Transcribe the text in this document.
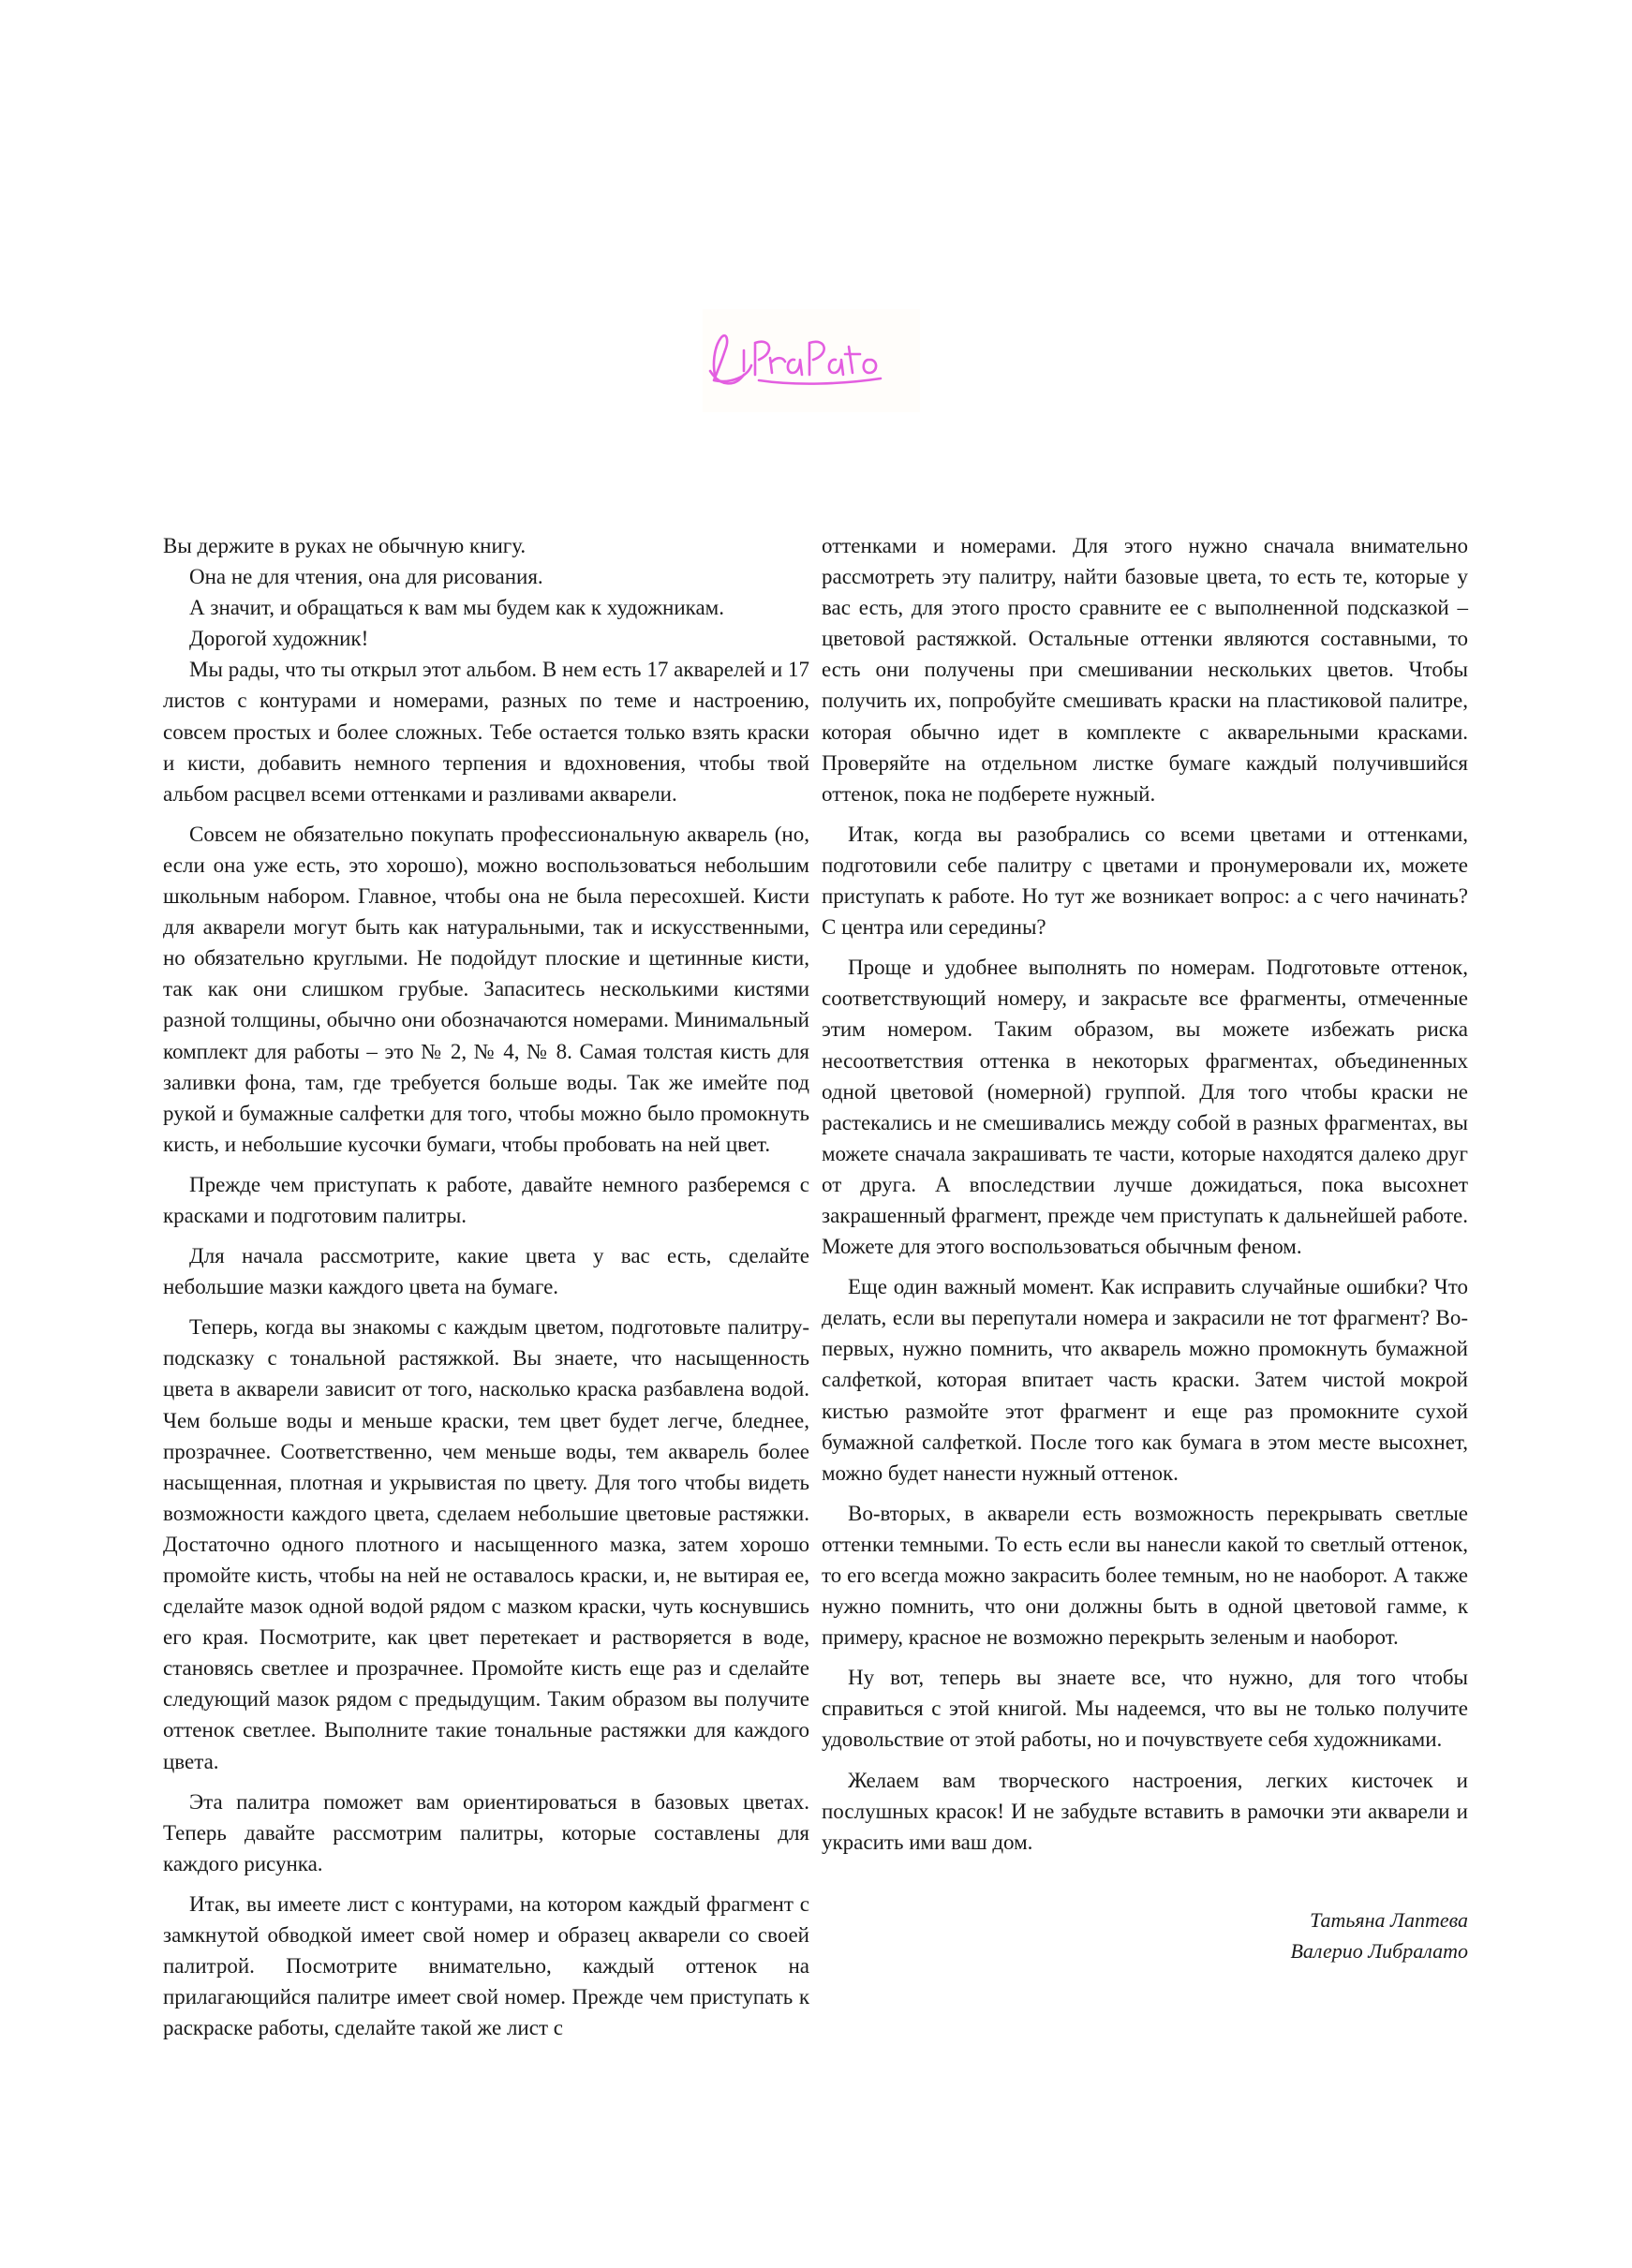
Вы держите в руках не обычную книгу.

Она не для чтения, она для рисования.

А значит, и обращаться к вам мы будем как к художникам.

Дорогой художник!

Мы рады, что ты открыл этот альбом. В нем есть 17 акварелей и 17 листов с контурами и номерами, разных по теме и настроению, совсем простых и более сложных. Тебе остается только взять краски и кисти, добавить немного терпения и вдохновения, чтобы твой альбом расцвел всеми оттенками и разливами акварели.

Совсем не обязательно покупать профессиональную акварель (но, если она уже есть, это хорошо), можно воспользоваться небольшим школьным набором. Главное, чтобы она не была пересохшей. Кисти для акварели могут быть как натуральными, так и искусственными, но обязательно круглыми. Не подойдут плоские и щетинные кисти, так как они слишком грубые. Запаситесь несколькими кистями разной толщины, обычно они обозначаются номерами. Минимальный комплект для работы – это № 2, № 4, № 8. Самая толстая кисть для заливки фона, там, где требуется больше воды. Так же имейте под рукой и бумажные салфетки для того, чтобы можно было промокнуть кисть, и небольшие кусочки бумаги, чтобы пробовать на ней цвет.

Прежде чем приступать к работе, давайте немного разберемся с красками и подготовим палитры.

Для начала рассмотрите, какие цвета у вас есть, сделайте небольшие мазки каждого цвета на бумаге.

Теперь, когда вы знакомы с каждым цветом, подготовьте палитру-подсказку с тональной растяжкой. Вы знаете, что насыщенность цвета в акварели зависит от того, насколько краска разбавлена водой. Чем больше воды и меньше краски, тем цвет будет легче, бледнее, прозрачнее. Соответственно, чем меньше воды, тем акварель более насыщенная, плотная и укрывистая по цвету. Для того чтобы видеть возможности каждого цвета, сделаем небольшие цветовые растяжки. Достаточно одного плотного и насыщенного мазка, затем хорошо промойте кисть, чтобы на ней не оставалось краски, и, не вытирая ее, сделайте мазок одной водой рядом с мазком краски, чуть коснувшись его края. Посмотрите, как цвет перетекает и растворяется в воде, становясь светлее и прозрачнее. Промойте кисть еще раз и сделайте следующий мазок рядом с предыдущим. Таким образом вы получите оттенок светлее. Выполните такие тональные растяжки для каждого цвета.

Эта палитра поможет вам ориентироваться в базовых цветах. Теперь давайте рассмотрим палитры, которые составлены для каждого рисунка.

Итак, вы имеете лист с контурами, на котором каждый фрагмент с замкнутой обводкой имеет свой номер и образец акварели со своей палитрой. Посмотрите внимательно, каждый оттенок на прилагающийся палитре имеет свой номер. Прежде чем приступать к раскраске работы, сделайте такой же лист с

оттенками и номерами. Для этого нужно сначала внимательно рассмотреть эту палитру, найти базовые цвета, то есть те, которые у вас есть, для этого просто сравните ее с выполненной подсказкой – цветовой растяжкой. Остальные оттенки являются составными, то есть они получены при смешивании нескольких цветов. Чтобы получить их, попробуйте смешивать краски на пластиковой палитре, которая обычно идет в комплекте с акварельными красками. Проверяйте на отдельном листке бумаге каждый получившийся оттенок, пока не подберете нужный.

Итак, когда вы разобрались со всеми цветами и оттенками, подготовили себе палитру с цветами и пронумеровали их, можете приступать к работе. Но тут же возникает вопрос: а с чего начинать? С центра или середины?

Проще и удобнее выполнять по номерам. Подготовьте оттенок, соответствующий номеру, и закрасьте все фрагменты, отмеченные этим номером. Таким образом, вы можете избежать риска несоответствия оттенка в некоторых фрагментах, объединенных одной цветовой (номерной) группой. Для того чтобы краски не растекались и не смешивались между собой в разных фрагментах, вы можете сначала закрашивать те части, которые находятся далеко друг от друга. А впоследствии лучше дожидаться, пока высохнет закрашенный фрагмент, прежде чем приступать к дальнейшей работе. Можете для этого воспользоваться обычным феном.

Еще один важный момент. Как исправить случайные ошибки? Что делать, если вы перепутали номера и закрасили не тот фрагмент? Во-первых, нужно помнить, что акварель можно промокнуть бумажной салфеткой, которая впитает часть краски. Затем чистой мокрой кистью размойте этот фрагмент и еще раз промокните сухой бумажной салфеткой. После того как бумага в этом месте высохнет, можно будет нанести нужный оттенок.

Во-вторых, в акварели есть возможность перекрывать светлые оттенки темными. То есть если вы нанесли какой то светлый оттенок, то его всегда можно закрасить более темным, но не наоборот. А также нужно помнить, что они должны быть в одной цветовой гамме, к примеру, красное не возможно перекрыть зеленым и наоборот.

Ну вот, теперь вы знаете все, что нужно, для того чтобы справиться с этой книгой. Мы надеемся, что вы не только получите удовольствие от этой работы, но и почувствуете себя художниками.

Желаем вам творческого настроения, легких кисточек и послушных красок! И не забудьте вставить в рамочки эти акварели и украсить ими ваш дом.

Татьяна Лаптева
Валерио Либралато
